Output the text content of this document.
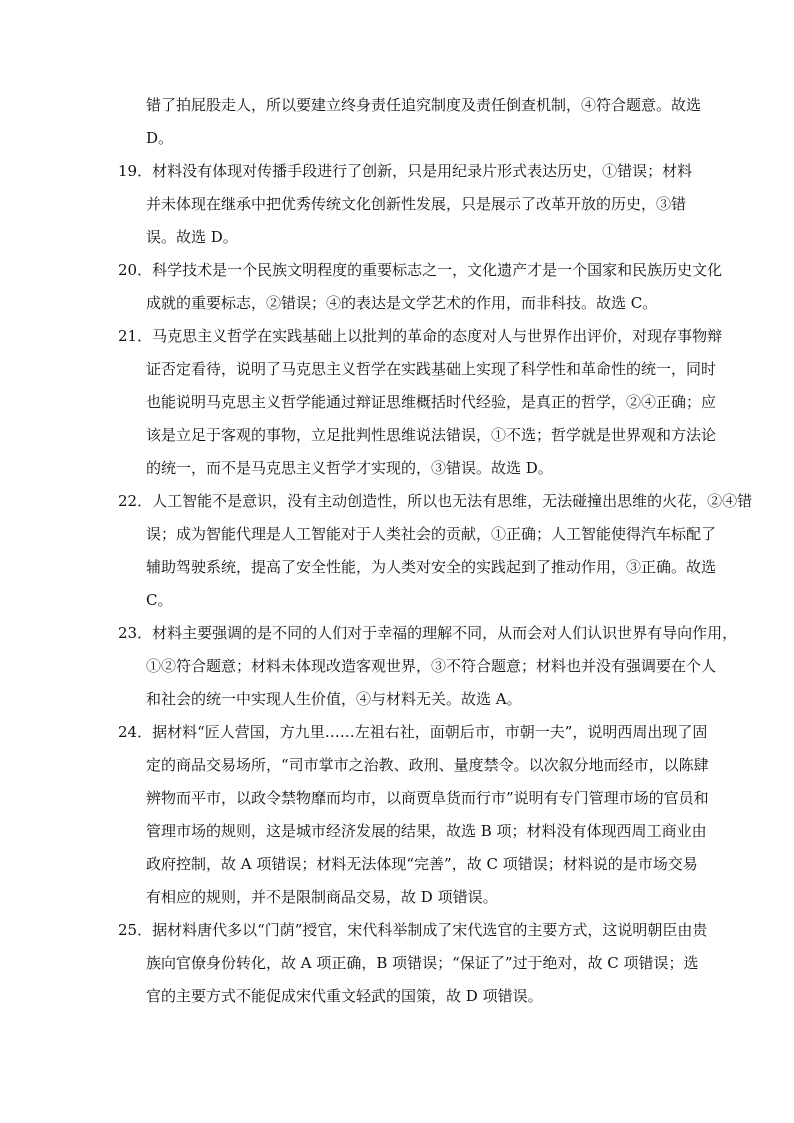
错了拍屁股走人，所以要建立终身责任追究制度及责任倒查机制，④符合题意。故选
D。
19．材料没有体现对传播手段进行了创新，只是用纪录片形式表达历史，①错误；材料
并未体现在继承中把优秀传统文化创新性发展，只是展示了改革开放的历史，③错
误。故选 D。
20．科学技术是一个民族文明程度的重要标志之一，文化遗产才是一个国家和民族历史文化
成就的重要标志，②错误；④的表达是文学艺术的作用，而非科技。故选 C。
21．马克思主义哲学在实践基础上以批判的革命的态度对人与世界作出评价，对现存事物辩
证否定看待，说明了马克思主义哲学在实践基础上实现了科学性和革命性的统一，同时
也能说明马克思主义哲学能通过辩证思维概括时代经验，是真正的哲学，②④正确；应
该是立足于客观的事物，立足批判性思维说法错误，①不选；哲学就是世界观和方法论
的统一，而不是马克思主义哲学才实现的，③错误。故选 D。
22．人工智能不是意识，没有主动创造性，所以也无法有思维，无法碰撞出思维的火花，②④错
误；成为智能代理是人工智能对于人类社会的贡献，①正确；人工智能使得汽车标配了
辅助驾驶系统，提高了安全性能，为人类对安全的实践起到了推动作用，③正确。故选
C。
23．材料主要强调的是不同的人们对于幸福的理解不同，从而会对人们认识世界有导向作用，
①②符合题意；材料未体现改造客观世界，③不符合题意；材料也并没有强调要在个人
和社会的统一中实现人生价值，④与材料无关。故选 A。
24．据材料“匠人营国，方九里……左祖右社，面朝后市，市朝一夫”，说明西周出现了固
定的商品交易场所，“司市掌市之治教、政刑、量度禁令。以次叙分地而经市，以陈肆
辨物而平市，以政令禁物靡而均市，以商贾阜货而行市”说明有专门管理市场的官员和
管理市场的规则，这是城市经济发展的结果，故选 B 项；材料没有体现西周工商业由
政府控制，故 A 项错误；材料无法体现“完善”，故 C 项错误；材料说的是市场交易
有相应的规则，并不是限制商品交易，故 D 项错误。
25．据材料唐代多以“门荫”授官，宋代科举制成了宋代选官的主要方式，这说明朝臣由贵
族向官僚身份转化，故 A 项正确，B 项错误；“保证了”过于绝对，故 C 项错误；选
官的主要方式不能促成宋代重文轻武的国策，故 D 项错误。
